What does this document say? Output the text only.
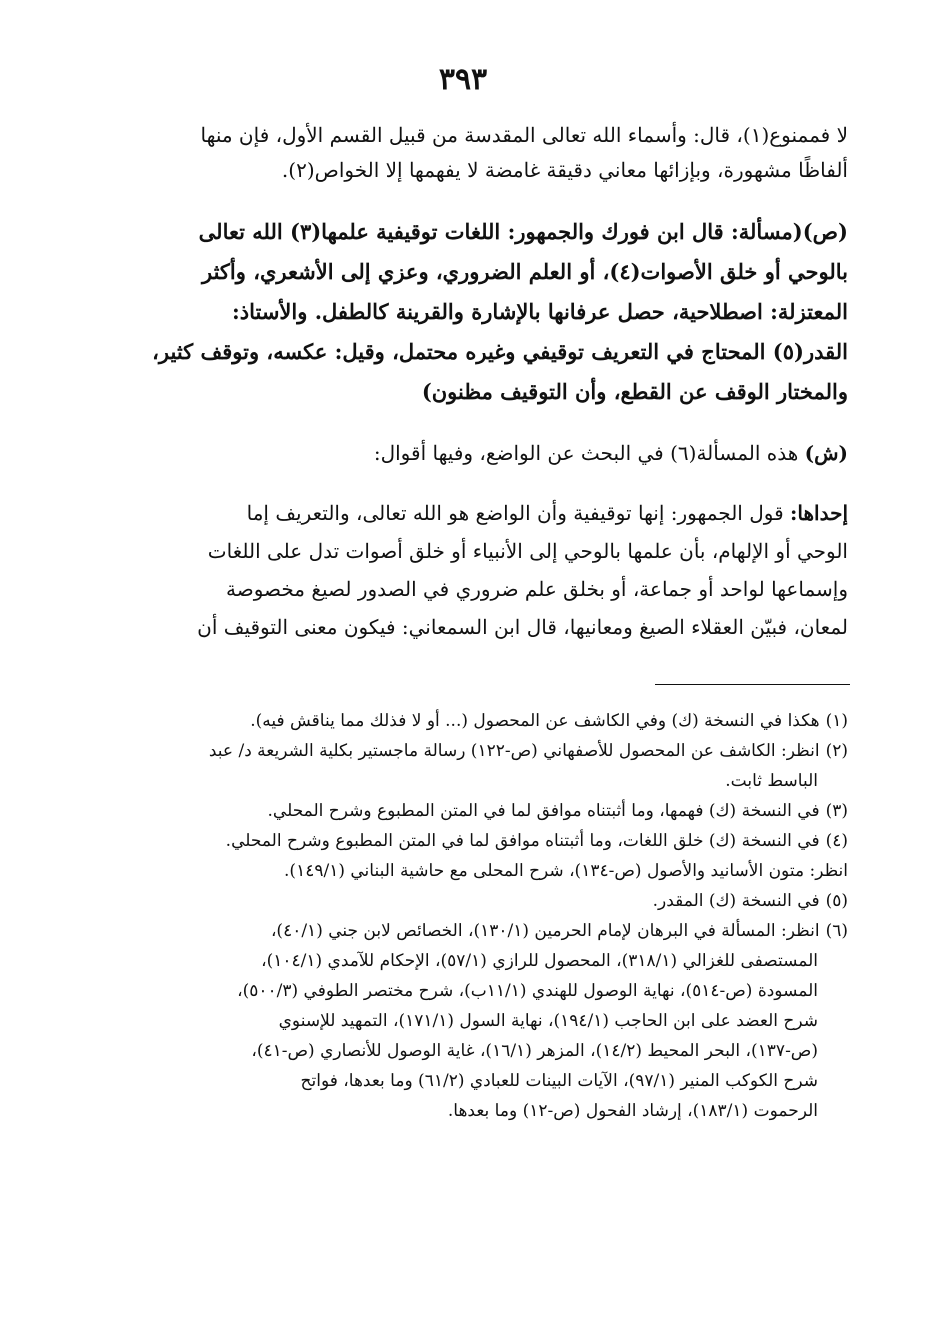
٣٩٣
لا فممنوع(١)، قال: وأسماء الله تعالى المقدسة من قبيل القسم الأول، فإن منها
ألفاظًا مشهورة، وبإزائها معاني دقيقة غامضة لا يفهمها إلا الخواص(٢).
(ص)(مسألة: قال ابن فورك والجمهور: اللغات توقيفية علمها(٣) الله تعالى
بالوحي أو خلق الأصوات(٤)، أو العلم الضروري، وعزي إلى الأشعري، وأكثر
المعتزلة: اصطلاحية، حصل عرفانها بالإشارة والقرينة كالطفل. والأستاذ:
القدر(٥) المحتاج في التعريف توقيفي وغيره محتمل، وقيل: عكسه، وتوقف كثير،
والمختار الوقف عن القطع، وأن التوقيف مظنون)
(ش) هذه المسألة(٦) في البحث عن الواضع، وفيها أقوال:
إحداها: قول الجمهور: إنها توقيفية وأن الواضع هو الله تعالى، والتعريف إما
الوحي أو الإلهام، بأن علمها بالوحي إلى الأنبياء أو خلق أصوات تدل على اللغات
وإسماعها لواحد أو جماعة، أو بخلق علم ضروري في الصدور لصيغ مخصوصة
لمعان، فبيّن العقلاء الصيغ ومعانيها، قال ابن السمعاني: فيكون معنى التوقيف أن
(١)هكذا في النسخة (ك) وفي الكاشف عن المحصول (... أو لا فذلك مما يناقش فيه).
(٢)انظر: الكاشف عن المحصول للأصفهاني (ص-١٢٢) رسالة ماجستير بكلية الشريعة د/ عبد
الباسط ثابت.
(٣)في النسخة (ك) فهمها، وما أثبتناه موافق لما في المتن المطبوع وشرح المحلي.
(٤)في النسخة (ك) خلق اللغات، وما أثبتناه موافق لما في المتن المطبوع وشرح المحلي.
انظر: متون الأسانيد والأصول (ص-١٣٤)، شرح المحلى مع حاشية البناني (١٤٩/١).
(٥)في النسخة (ك) المقدر.
(٦)انظر: المسألة في البرهان لإمام الحرمين (١٣٠/١)، الخصائص لابن جني (٤٠/١)،
المستصفى للغزالي (٣١٨/١)، المحصول للرازي (٥٧/١)، الإحكام للآمدي (١٠٤/١)،
المسودة (ص-٥١٤)، نهاية الوصول للهندي (١١/١ب)، شرح مختصر الطوفي (٥٠٠/٣)،
شرح العضد على ابن الحاجب (١٩٤/١)، نهاية السول (١٧١/١)، التمهيد للإسنوي
(ص-١٣٧)، البحر المحيط (١٤/٢)، المزهر (١٦/١)، غاية الوصول للأنصاري (ص-٤١)،
شرح الكوكب المنير (٩٧/١)، الآيات البينات للعبادي (٦١/٢) وما بعدها، فواتح
الرحموت (١٨٣/١)، إرشاد الفحول (ص-١٢) وما بعدها.
